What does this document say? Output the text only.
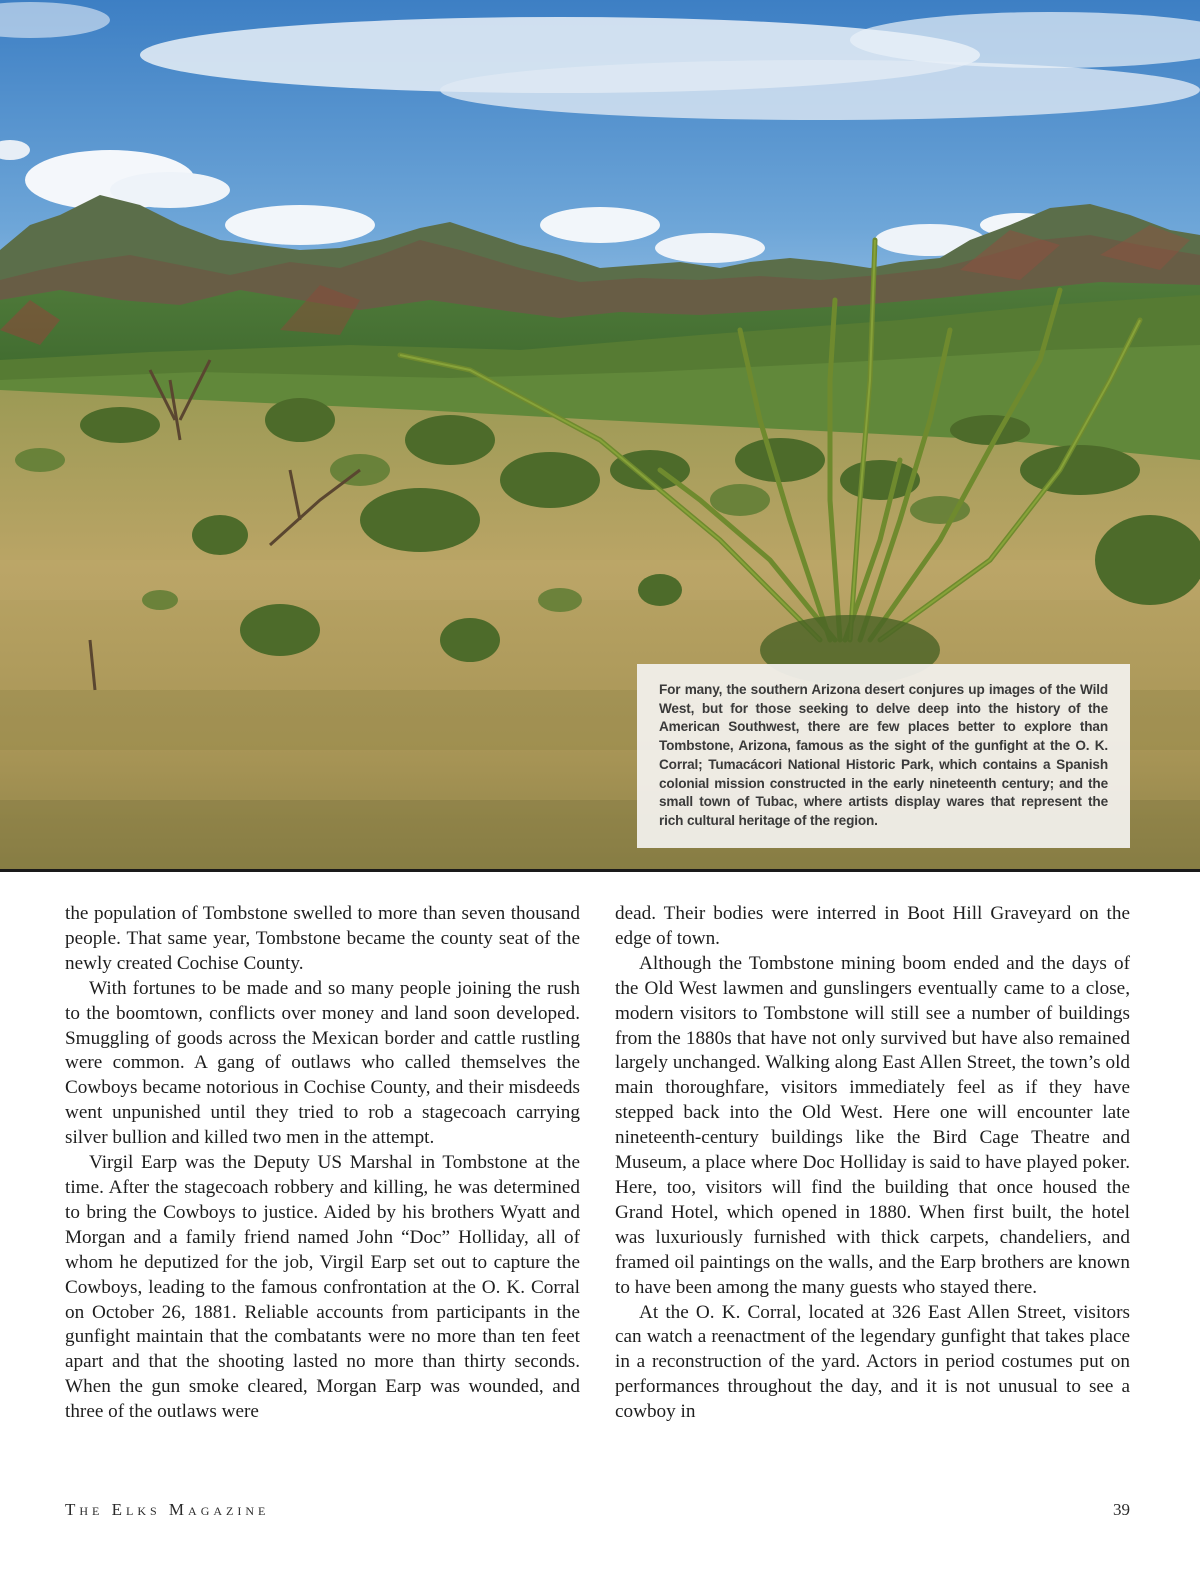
For many, the southern Arizona desert conjures up images of the Wild West, but for those seeking to delve deep into the history of the American Southwest, there are few places better to explore than Tombstone, Arizona, famous as the sight of the gunfight at the O. K. Corral; Tumacácori National Historic Park, which contains a Spanish colonial mission constructed in the early nineteenth century; and the small town of Tubac, where artists display wares that represent the rich cultural heritage of the region.

the population of Tombstone swelled to more than seven thousand people. That same year, Tombstone became the county seat of the newly created Cochise County.

With fortunes to be made and so many people joining the rush to the boomtown, conflicts over money and land soon developed. Smuggling of goods across the Mexican border and cattle rustling were common. A gang of outlaws who called themselves the Cowboys became notorious in Cochise County, and their misdeeds went unpunished until they tried to rob a stagecoach carrying silver bullion and killed two men in the attempt.

Virgil Earp was the Deputy US Marshal in Tombstone at the time. After the stagecoach robbery and killing, he was determined to bring the Cowboys to justice. Aided by his brothers Wyatt and Morgan and a family friend named John “Doc” Holliday, all of whom he deputized for the job, Virgil Earp set out to capture the Cowboys, leading to the famous confrontation at the O. K. Corral on October 26, 1881. Reliable accounts from participants in the gunfight maintain that the combatants were no more than ten feet apart and that the shooting lasted no more than thirty seconds. When the gun smoke cleared, Morgan Earp was wounded, and three of the outlaws were

dead. Their bodies were interred in Boot Hill Graveyard on the edge of town.

Although the Tombstone mining boom ended and the days of the Old West lawmen and gunslingers eventually came to a close, modern visitors to Tombstone will still see a number of buildings from the 1880s that have not only survived but have also remained largely unchanged. Walking along East Allen Street, the town’s old main thoroughfare, visitors immediately feel as if they have stepped back into the Old West. Here one will encounter late nineteenth-century buildings like the Bird Cage Theatre and Museum, a place where Doc Holliday is said to have played poker. Here, too, visitors will find the building that once housed the Grand Hotel, which opened in 1880. When first built, the hotel was luxuriously furnished with thick carpets, chandeliers, and framed oil paintings on the walls, and the Earp brothers are known to have been among the many guests who stayed there.

At the O. K. Corral, located at 326 East Allen Street, visitors can watch a reenactment of the legendary gunfight that takes place in a reconstruction of the yard. Actors in period costumes put on performances throughout the day, and it is not unusual to see a cowboy in

The Elks Magazine	39
